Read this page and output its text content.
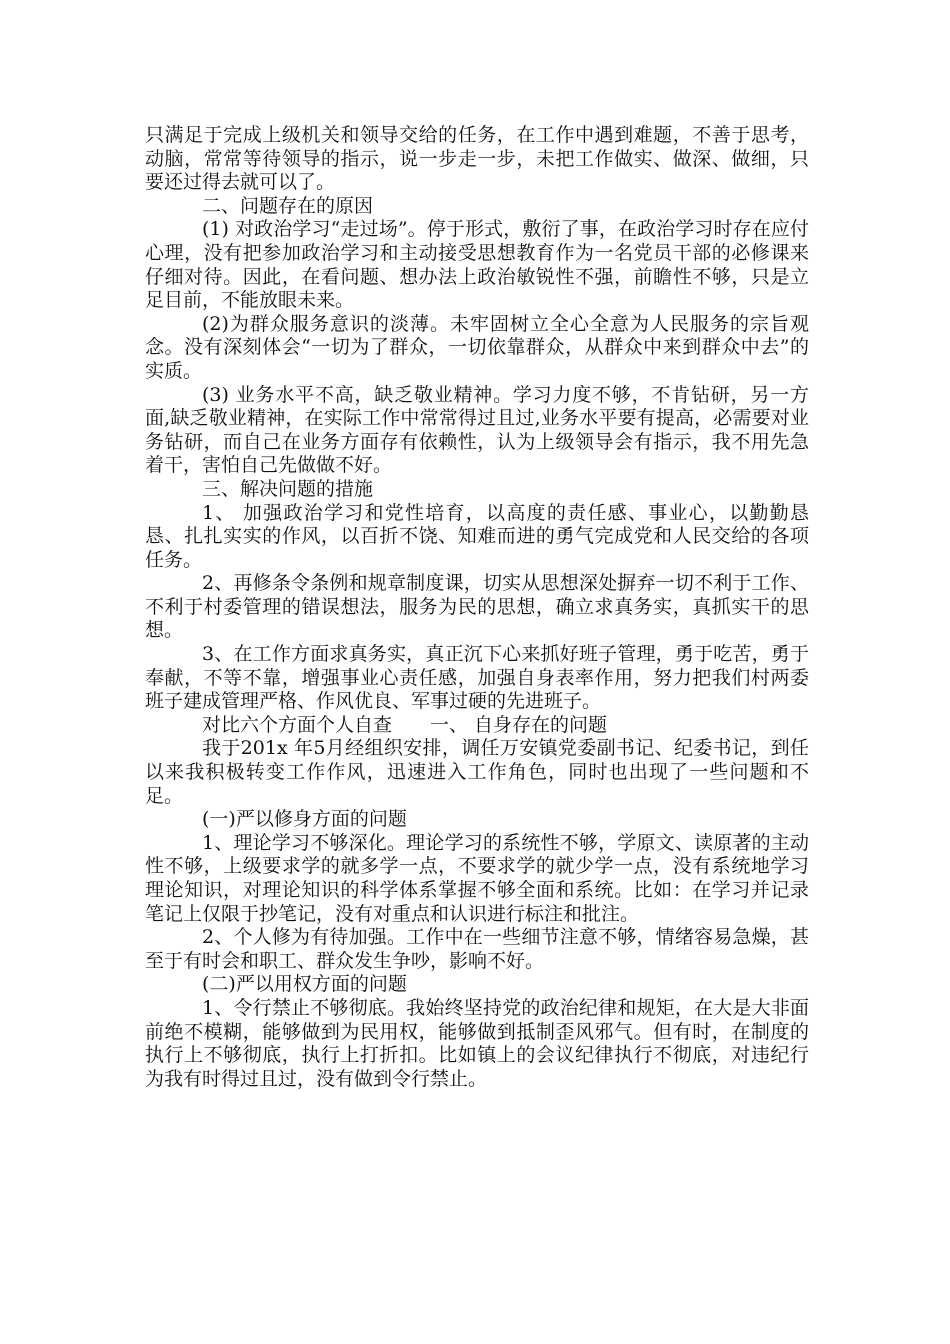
只满足于完成上级机关和领导交给的任务，在工作中遇到难题，不善于思考，动脑，常常等待领导的指示，说一步走一步，未把工作做实、做深、做细，只要还过得去就可以了。

二、问题存在的原因

(1) 对政治学习“走过场”。停于形式，敷衍了事，在政治学习时存在应付心理，没有把参加政治学习和主动接受思想教育作为一名党员干部的必修课来仔细对待。因此，在看问题、想办法上政治敏锐性不强，前瞻性不够，只是立足目前，不能放眼未来。

(2)为群众服务意识的淡薄。未牢固树立全心全意为人民服务的宗旨观念。没有深刻体会“一切为了群众，一切依靠群众，从群众中来到群众中去”的实质。

(3) 业务水平不高，缺乏敬业精神。学习力度不够，不肯钻研，另一方面,缺乏敬业精神，在实际工作中常常得过且过,业务水平要有提高，必需要对业务钻研，而自己在业务方面存有依赖性，认为上级领导会有指示，我不用先急着干，害怕自己先做做不好。

三、解决问题的措施

1、 加强政治学习和党性培育，以高度的责任感、事业心，以勤勤恳恳、扎扎实实的作风，以百折不饶、知难而进的勇气完成党和人民交给的各项任务。

2、再修条令条例和规章制度课，切实从思想深处摒弃一切不利于工作、不利于村委管理的错误想法，服务为民的思想，确立求真务实，真抓实干的思想。

3、在工作方面求真务实，真正沉下心来抓好班子管理，勇于吃苦，勇于奉献，不等不靠，增强事业心责任感，加强自身表率作用，努力把我们村两委班子建成管理严格、作风优良、军事过硬的先进班子。

对比六个方面个人自查　　一、 自身存在的问题

我于201x 年5月经组织安排，调任万安镇党委副书记、纪委书记，到任以来我积极转变工作作风，迅速进入工作角色，同时也出现了一些问题和不足。

(一)严以修身方面的问题

1、理论学习不够深化。理论学习的系统性不够，学原文、读原著的主动性不够，上级要求学的就多学一点，不要求学的就少学一点，没有系统地学习理论知识，对理论知识的科学体系掌握不够全面和系统。比如：在学习并记录笔记上仅限于抄笔记，没有对重点和认识进行标注和批注。

2、个人修为有待加强。工作中在一些细节注意不够，情绪容易急燥，甚至于有时会和职工、群众发生争吵，影响不好。

(二)严以用权方面的问题

1、令行禁止不够彻底。我始终坚持党的政治纪律和规矩，在大是大非面前绝不模糊，能够做到为民用权，能够做到抵制歪风邪气。但有时，在制度的执行上不够彻底，执行上打折扣。比如镇上的会议纪律执行不彻底，对违纪行为我有时得过且过，没有做到令行禁止。
